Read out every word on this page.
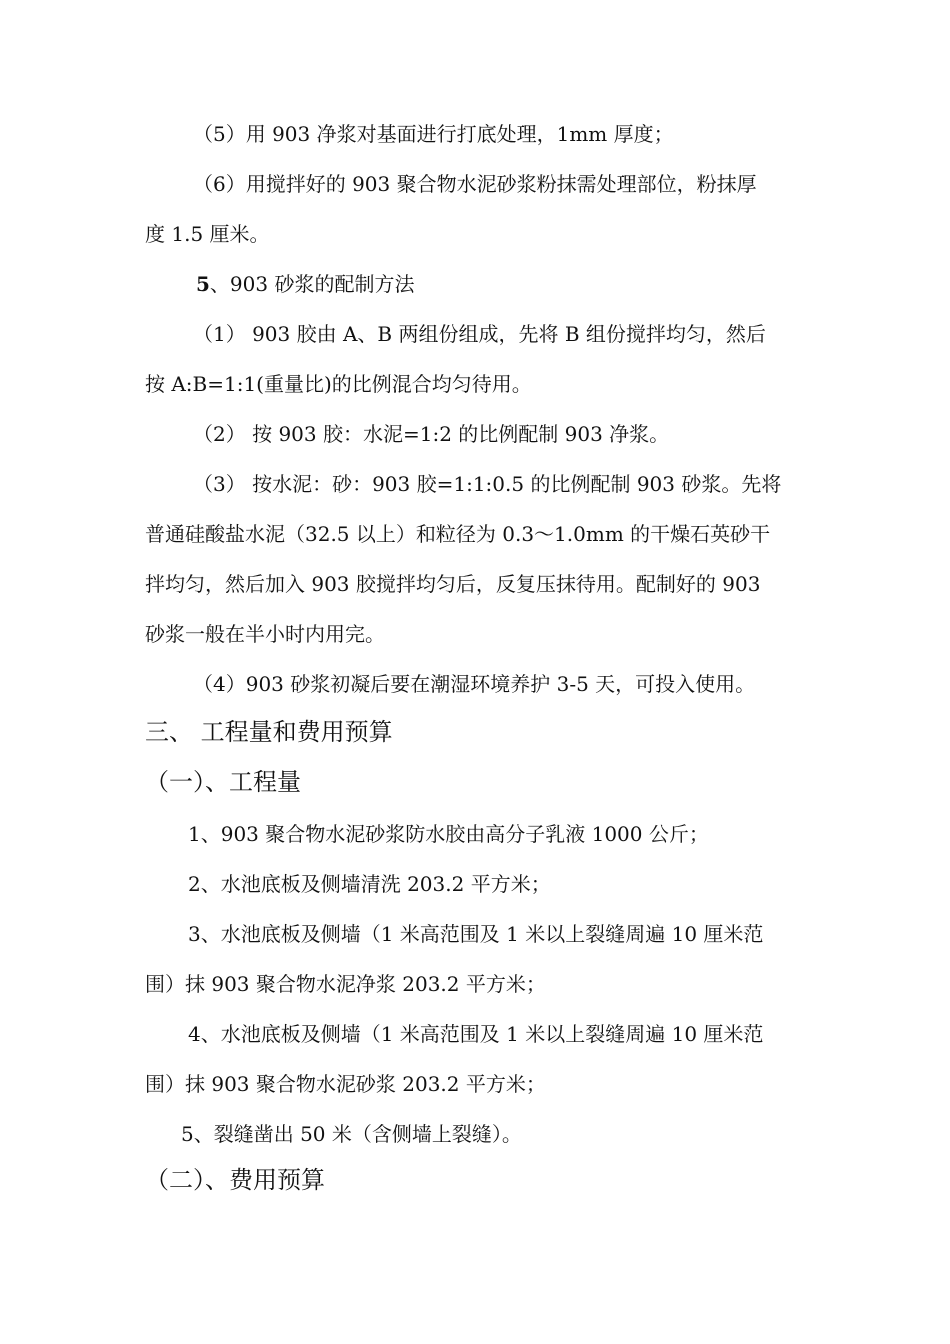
（5）用 903 净浆对基面进行打底处理，1mm 厚度；
（6）用搅拌好的 903 聚合物水泥砂浆粉抹需处理部位，粉抹厚
度 1.5 厘米。
5、903 砂浆的配制方法
（1） 903 胶由 A、B 两组份组成，先将 B 组份搅拌均匀，然后
按 A:B=1:1(重量比)的比例混合均匀待用。
（2） 按 903 胶：水泥=1:2 的比例配制 903 净浆。
（3） 按水泥：砂：903 胶=1:1:0.5 的比例配制 903 砂浆。先将
普通硅酸盐水泥（32.5 以上）和粒径为 0.3～1.0mm 的干燥石英砂干
拌均匀，然后加入 903 胶搅拌均匀后，反复压抹待用。配制好的 903
砂浆一般在半小时内用完。
（4）903 砂浆初凝后要在潮湿环境养护 3-5 天，可投入使用。
三、 工程量和费用预算
（一）、工程量
1、903 聚合物水泥砂浆防水胶由高分子乳液 1000 公斤；
2、水池底板及侧墙清洗 203.2 平方米；
3、水池底板及侧墙（1 米高范围及 1 米以上裂缝周遍 10 厘米范
围）抹 903 聚合物水泥净浆 203.2 平方米；
4、水池底板及侧墙（1 米高范围及 1 米以上裂缝周遍 10 厘米范
围）抹 903 聚合物水泥砂浆 203.2 平方米；
5、裂缝凿出 50 米（含侧墙上裂缝）。
（二）、费用预算
